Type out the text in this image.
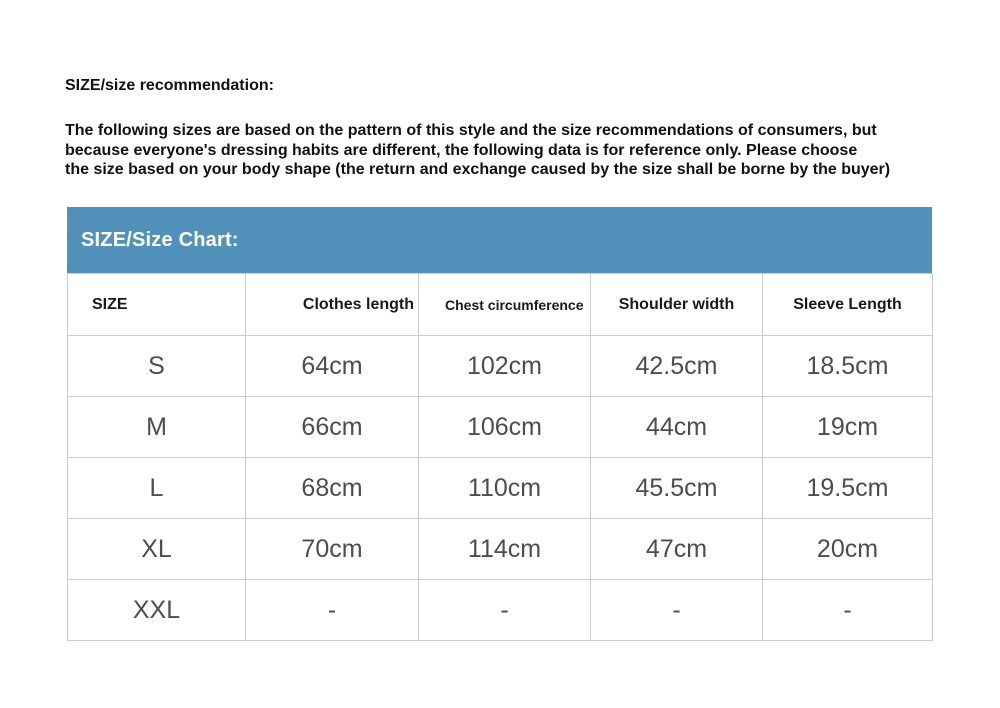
SIZE/size recommendation:
The following sizes are based on the pattern of this style and the size recommendations of consumers, but
because everyone's dressing habits are different, the following data is for reference only. Please choose
the size based on your body shape (the return and exchange caused by the size shall be borne by the buyer)
SIZE/Size Chart:
SIZE	Clothes length	Chest circumference	Shoulder width	Sleeve Length
S	64cm	102cm	42.5cm	18.5cm
M	66cm	106cm	44cm	19cm
L	68cm	110cm	45.5cm	19.5cm
XL	70cm	114cm	47cm	20cm
XXL	-	-	-	-
